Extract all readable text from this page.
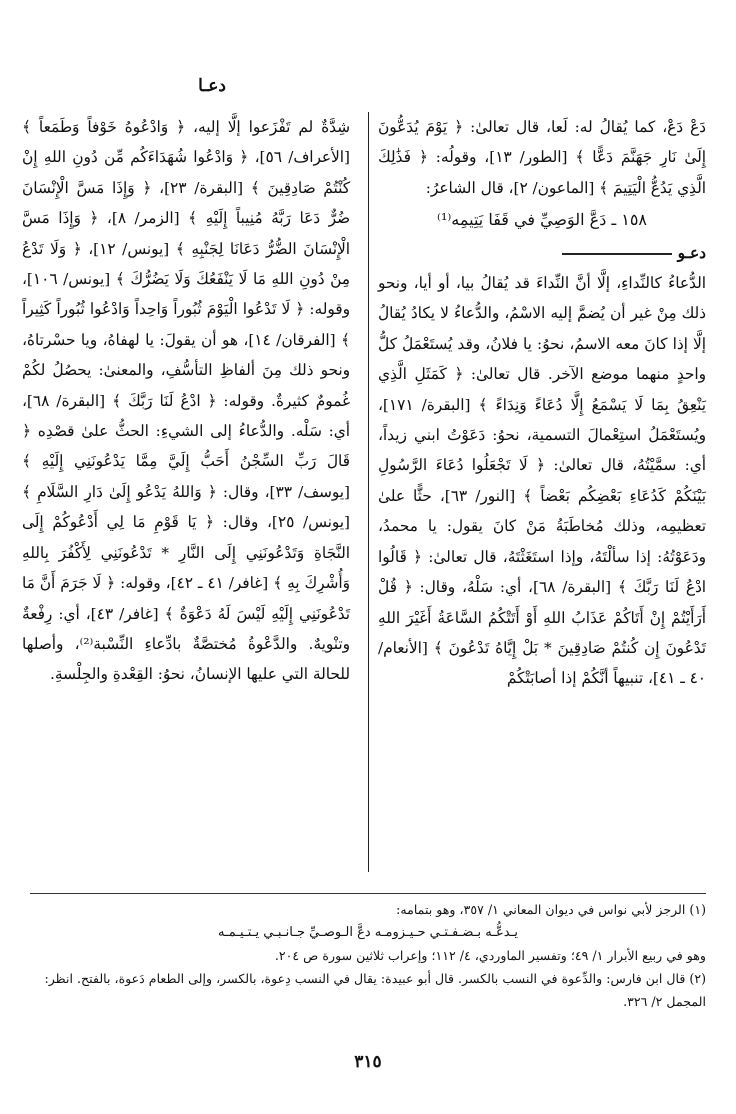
دعـا

دَعْ دَعْ، كما يُقالُ له: لَعا، قال تعالىٰ: ﴿ يَوْمَ يُدَعُّونَ إِلَىٰ نَارِ جَهَنَّمَ دَعًّا ﴾ [الطور/ ١٣]، وقولُه: ﴿ فَذَٰلِكَ الَّذِي يَدُعُّ الْيَتِيمَ ﴾ [الماعون/ ٢]، قال الشاعرُ:

١٥٨ ـ دَعَّ الوَصِيِّ في قَفَا يَتِيمِه⁽¹⁾

دعـو

الدُّعاءُ كالنِّداءِ، إلَّا أنَّ النِّداءَ قد يُقالُ بيا، أو أيا، ونحو ذلك مِنْ غير أن يُضمَّ إليه الاسْمُ، والدُّعاءُ لا يكادُ يُقالُ إلَّا إذا كانَ معه الاسمُ، نحوُ: يا فلانُ، وقد يُستَعْمَلُ كلُّ واحدٍ منهما موضع الآخر. قال تعالىٰ: ﴿ كَمَثَلِ الَّذِي يَنْعِقُ بِمَا لَا يَسْمَعُ إِلَّا دُعَاءً وَنِدَاءً ﴾ [البقرة/ ١٧١]، ويُستَعْمَلُ استِعْمالَ التسمية، نحوُ: دَعَوْتُ ابني زيداً، أي: سمَّيْتُهُ، قال تعالىٰ: ﴿ لَا تَجْعَلُوا دُعَاءَ الرَّسُولِ بَيْنَكُمْ كَدُعَاءِ بَعْضِكُم بَعْضاً ﴾ [النور/ ٦٣]، حثًّا علىٰ تعظيمِه، وذلك مُخاطَبَةُ مَنْ كانَ يقول: يا محمدُ، ودَعَوْتُهُ: إذا سألْتَهُ، وإذا استَغَثْتَهُ، قال تعالىٰ: ﴿ قَالُوا ادْعُ لَنَا رَبَّكَ ﴾ [البقرة/ ٦٨]، أي: سَلْهُ، وقال: ﴿ قُلْ أَرَأَيْتُمْ إِنْ أَتَاكُمْ عَذَابُ اللهِ أَوْ أَتَتْكُمُ السَّاعَةُ أَغَيْرَ اللهِ تَدْعُونَ إِن كُنتُمْ صَادِقِينَ * بَلْ إِيَّاهُ تَدْعُونَ ﴾ [الأنعام/ ٤٠ ـ ٤١]، تنبيهاً أنَّكُمْ إذا أصابَتْكُمْ

شِدَّةٌ لم تَفْزَعوا إلَّا إليه، ﴿ وَادْعُوهُ خَوْفاً وَطَمَعاً ﴾ [الأعراف/ ٥٦]، ﴿ وَادْعُوا شُهَدَاءَكُم مِّن دُونِ اللهِ إِنْ كُنْتُمْ صَادِقِينَ ﴾ [البقرة/ ٢٣]، ﴿ وَإِذَا مَسَّ الْإِنْسَانَ ضُرٌّ دَعَا رَبَّهُ مُنِيباً إِلَيْهِ ﴾ [الزمر/ ٨]، ﴿ وَإِذَا مَسَّ الْإِنْسَانَ الضُّرُّ دَعَانَا لِجَنْبِهِ ﴾ [يونس/ ١٢]، ﴿ وَلَا تَدْعُ مِنْ دُونِ اللهِ مَا لَا يَنْفَعُكَ وَلَا يَضُرُّكَ ﴾ [يونس/ ١٠٦]، وقوله: ﴿ لَا تَدْعُوا الْيَوْمَ ثُبُوراً وَاحِداً وَادْعُوا ثُبُوراً كَثِيراً ﴾ [الفرقان/ ١٤]، هو أن يقولَ: يا لهفاهُ، ويا حسْرتاهُ، ونحو ذلك مِنَ ألفاظِ التأسُّفِ، والمعنىٰ: يحصُلُ لكُمْ غُمومٌ كثيرةٌ. وقوله: ﴿ ادْعُ لَنَا رَبَّكَ ﴾ [البقرة/ ٦٨]، أي: سَلْه. والدُّعاءُ إلى الشيءِ: الحثُّ علىٰ قصْدِه ﴿ قَالَ رَبِّ السِّجْنُ أَحَبُّ إِلَيَّ مِمَّا يَدْعُونَنِي إِلَيْهِ ﴾ [يوسف/ ٣٣]، وقال: ﴿ وَاللهُ يَدْعُو إِلَىٰ دَارِ السَّلَامِ ﴾ [يونس/ ٢٥]، وقال: ﴿ يَا قَوْمِ مَا لِي أَدْعُوكُمْ إِلَى النَّجَاةِ وَتَدْعُونَنِي إِلَى النَّارِ * تَدْعُونَنِي لِأَكْفُرَ بِاللهِ وَأُشْرِكَ بِهِ ﴾ [غافر/ ٤١ ـ ٤٢]، وقوله: ﴿ لَا جَرَمَ أَنَّ مَا تَدْعُونَنِي إِلَيْهِ لَيْسَ لَهُ دَعْوَةٌ ﴾ [غافر/ ٤٣]، أي: رِفْعةٌ وتنْويهٌ. والدَّعْوةُ مُختصَّةٌ بادِّعاءِ النِّسْبة⁽²⁾، وأصلها للحالة التي عليها الإنسانُ، نحوُ: القِعْدةِ والجِلْسةِ.

(١) الرجز لأبي نواس في ديوان المعاني ١/ ٣٥٧، وهو بتمامه:

يـدعُّـه بـضـفـتـي حـيـزومـه دعَّ الـوصـيِّ جـانـبـي يـتـيـمـه

وهو في ربيع الأبرار ١/ ٤٩؛ وتفسير الماوردي، ٤/ ١١٢؛ وإعراب ثلاثين سورة ص ٢٠٤.

(٢) قال ابن فارس: والدِّعوة في النسب بالكسر. قال أبو عبيدة: يقال في النسب دِعوة، بالكسر، وإلى الطعام دَعوة، بالفتح. انظر: المجمل ٢/ ٣٢٦.

٣١٥
